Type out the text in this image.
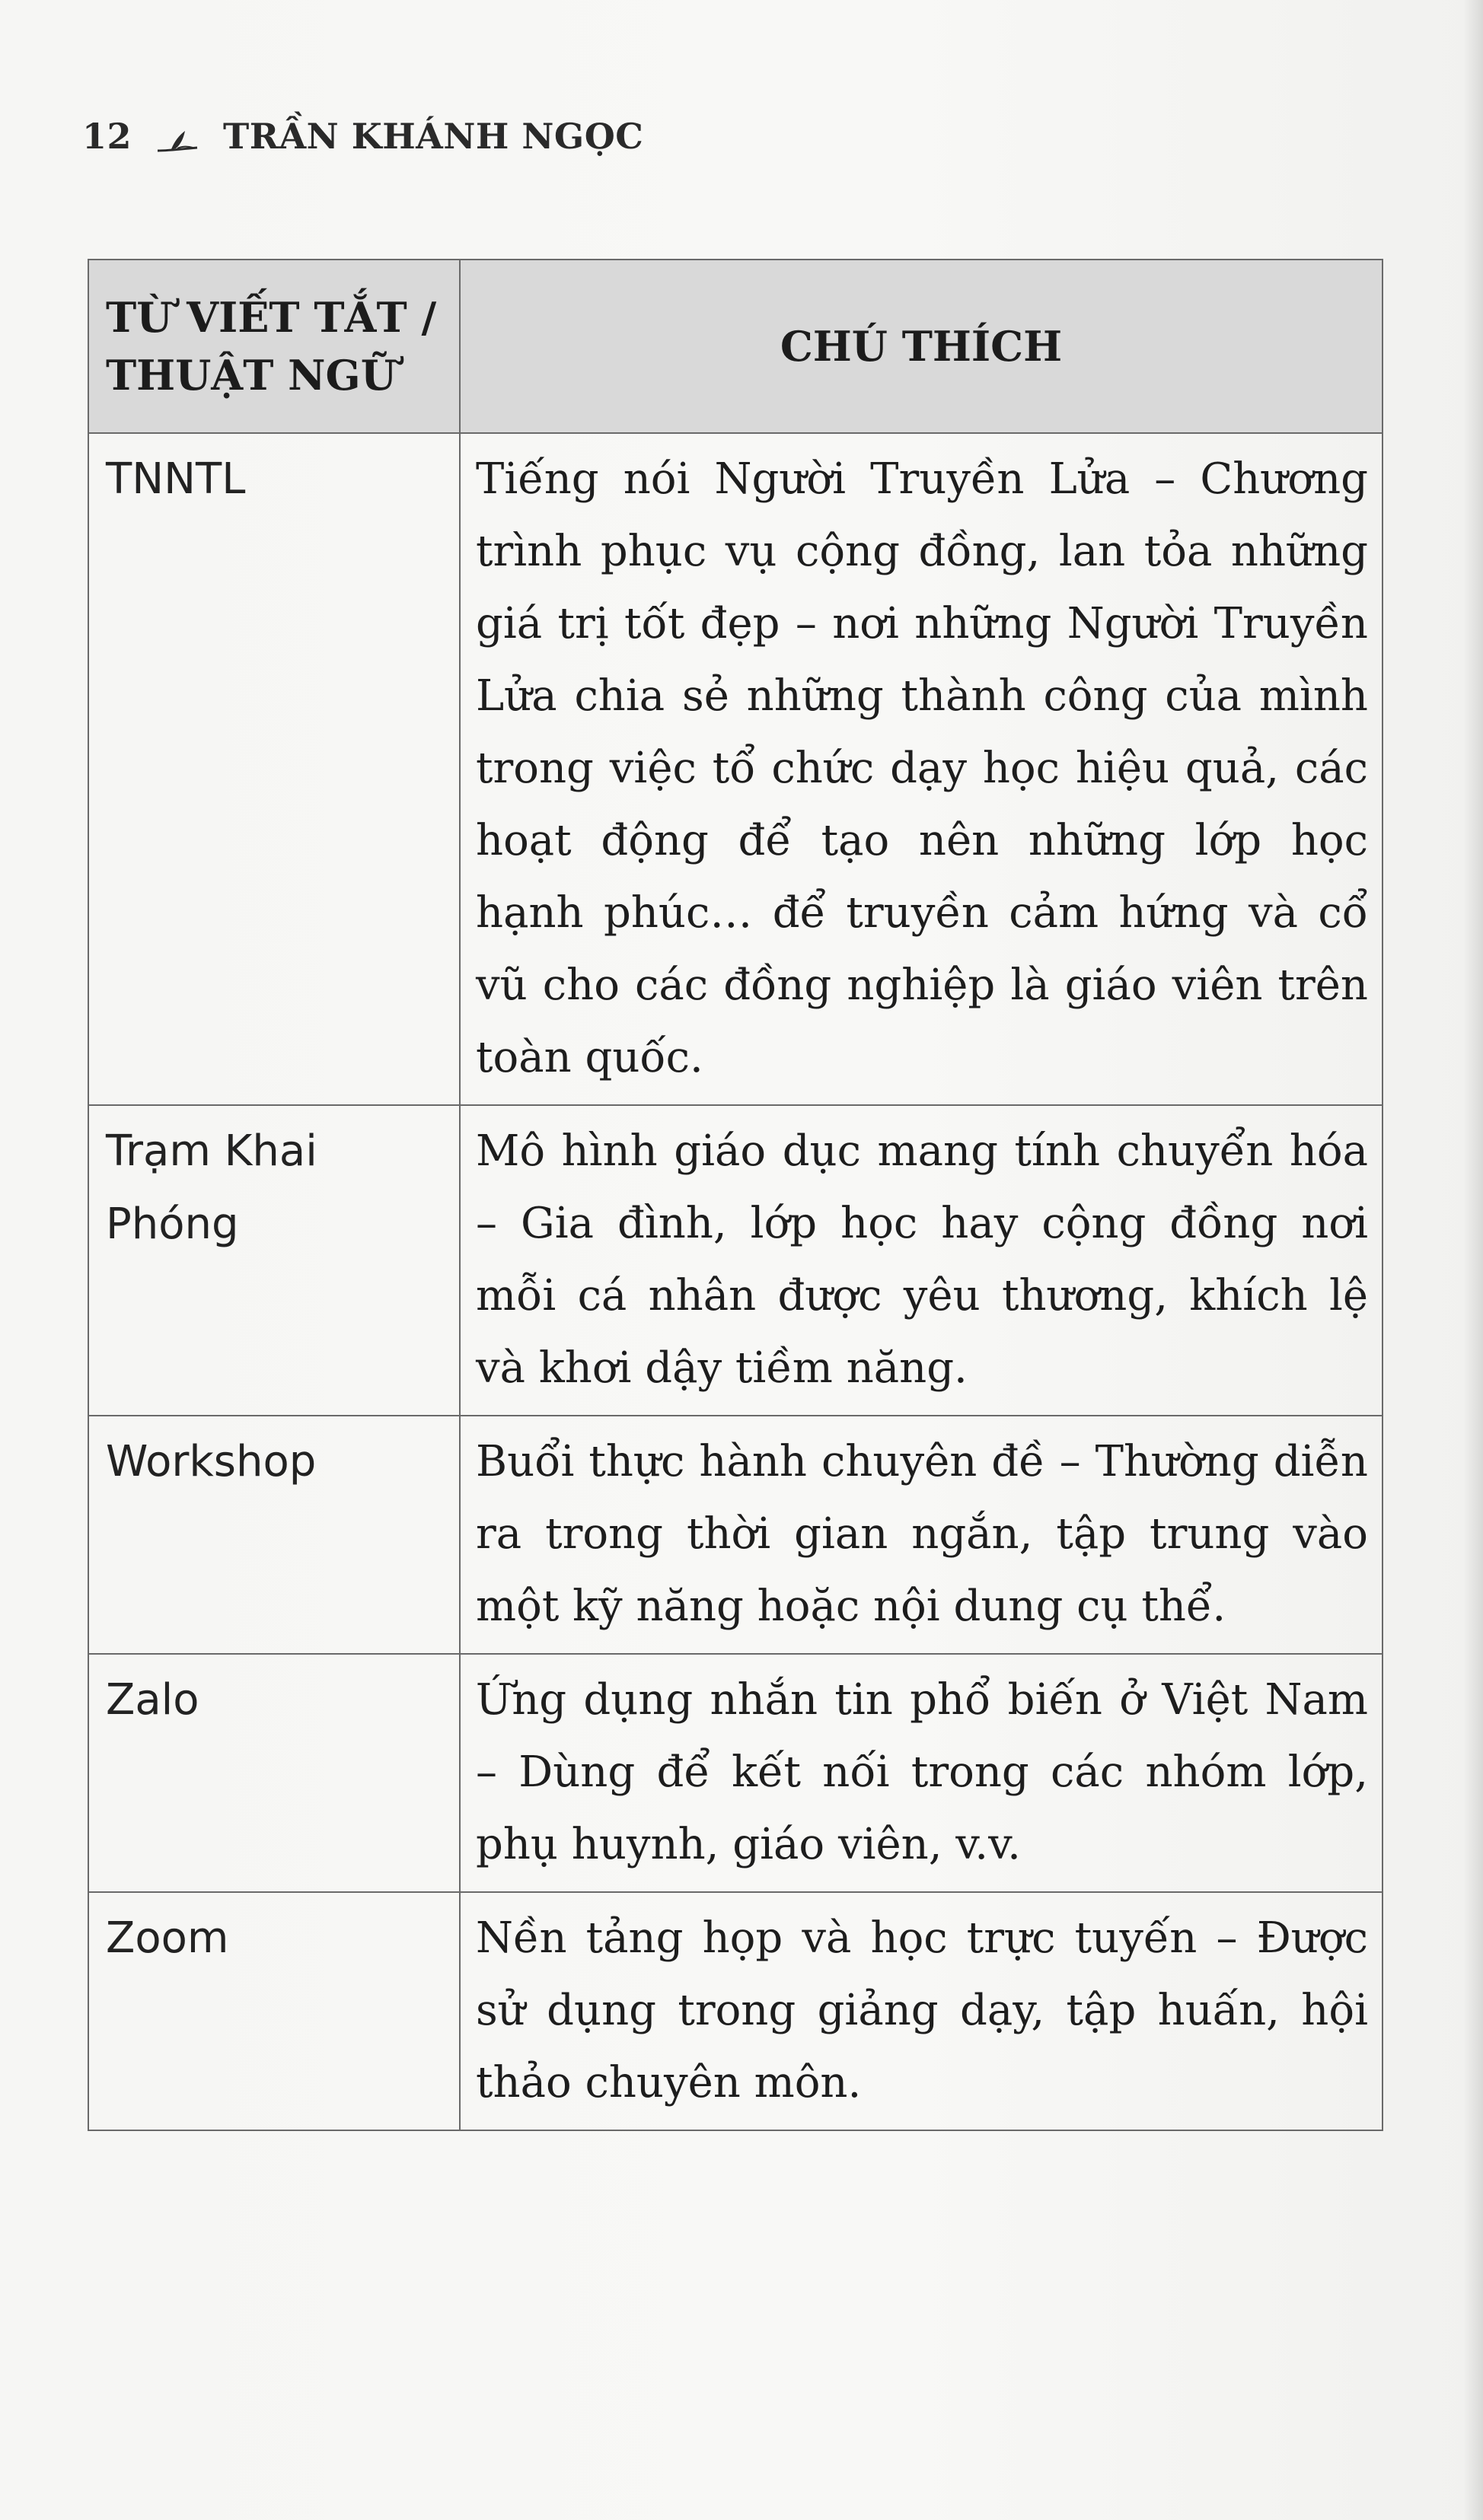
12	TRẦN KHÁNH NGỌC
TỪ VIẾT TẮT / THUẬT NGỮ	CHÚ THÍCH
TNNTL	Tiếng nói Người Truyền Lửa – Chương trình phục vụ cộng đồng, lan tỏa những giá trị tốt đẹp – nơi những Người Truyền Lửa chia sẻ những thành công của mình trong việc tổ chức dạy học hiệu quả, các hoạt động để tạo nên những lớp học hạnh phúc… để truyền cảm hứng và cổ vũ cho các đồng nghiệp là giáo viên trên toàn quốc.
Trạm Khai Phóng	Mô hình giáo dục mang tính chuyển hóa – Gia đình, lớp học hay cộng đồng nơi mỗi cá nhân được yêu thương, khích lệ và khơi dậy tiềm năng.
Workshop	Buổi thực hành chuyên đề – Thường diễn ra trong thời gian ngắn, tập trung vào một kỹ năng hoặc nội dung cụ thể.
Zalo	Ứng dụng nhắn tin phổ biến ở Việt Nam – Dùng để kết nối trong các nhóm lớp, phụ huynh, giáo viên, v.v.
Zoom	Nền tảng họp và học trực tuyến – Được sử dụng trong giảng dạy, tập huấn, hội thảo chuyên môn.
